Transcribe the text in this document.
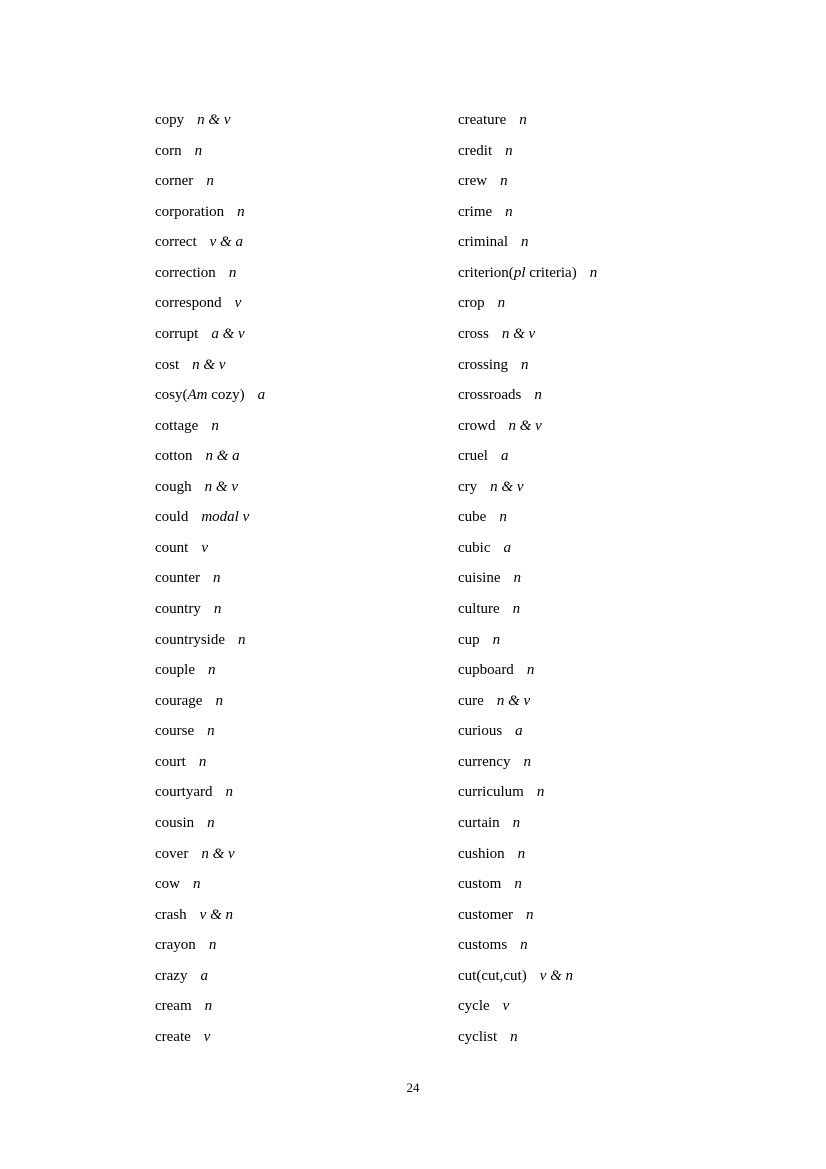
copy n & v
corn n
corner n
corporation n
correct v & a
correction n
correspond v
corrupt a & v
cost n & v
cosy(Am cozy) a
cottage n
cotton n & a
cough n & v
could modal v
count v
counter n
country n
countryside n
couple n
courage n
course n
court n
courtyard n
cousin n
cover n & v
cow n
crash v & n
crayon n
crazy a
cream n
create v
creature n
credit n
crew n
crime n
criminal n
criterion(pl criteria) n
crop n
cross n & v
crossing n
crossroads n
crowd n & v
cruel a
cry n & v
cube n
cubic a
cuisine n
culture n
cup n
cupboard n
cure n & v
curious a
currency n
curriculum n
curtain n
cushion n
custom n
customer n
customs n
cut(cut,cut) v & n
cycle v
cyclist n
24
